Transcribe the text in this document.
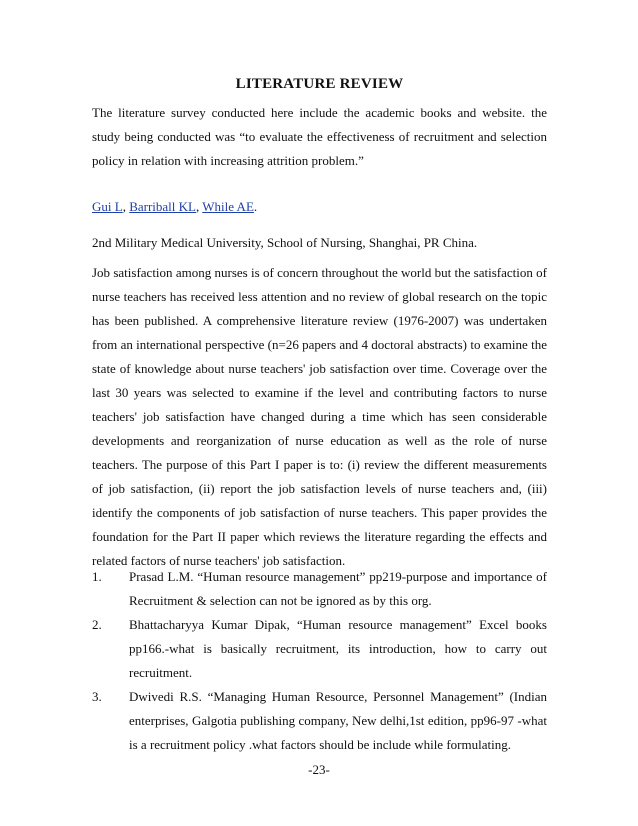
LITERATURE REVIEW

The literature survey conducted here include the academic books and website. the study being conducted was “to evaluate the effectiveness of recruitment and selection policy in relation with increasing attrition problem.”

Gui L, Barriball KL, While AE.

2nd Military Medical University, School of Nursing, Shanghai, PR China.

Job satisfaction among nurses is of concern throughout the world but the satisfaction of nurse teachers has received less attention and no review of global research on the topic has been published. A comprehensive literature review (1976-2007) was undertaken from an international perspective (n=26 papers and 4 doctoral abstracts) to examine the state of knowledge about nurse teachers' job satisfaction over time. Coverage over the last 30 years was selected to examine if the level and contributing factors to nurse teachers' job satisfaction have changed during a time which has seen considerable developments and reorganization of nurse education as well as the role of nurse teachers. The purpose of this Part I paper is to: (i) review the different measurements of job satisfaction, (ii) report the job satisfaction levels of nurse teachers and, (iii) identify the components of job satisfaction of nurse teachers. This paper provides the foundation for the Part II paper which reviews the literature regarding the effects and related factors of nurse teachers' job satisfaction.

1.	Prasad L.M. “Human resource management” pp219-purpose and importance of Recruitment & selection can not be ignored as by this org.
2.	Bhattacharyya Kumar Dipak, “Human resource management” Excel books pp166.-what is basically recruitment, its introduction, how to carry out recruitment.
3.	Dwivedi R.S. “Managing Human Resource, Personnel Management” (Indian enterprises, Galgotia publishing company, New delhi,1st edition, pp96-97 -what is a recruitment policy .what factors should be include while formulating.
-23-
